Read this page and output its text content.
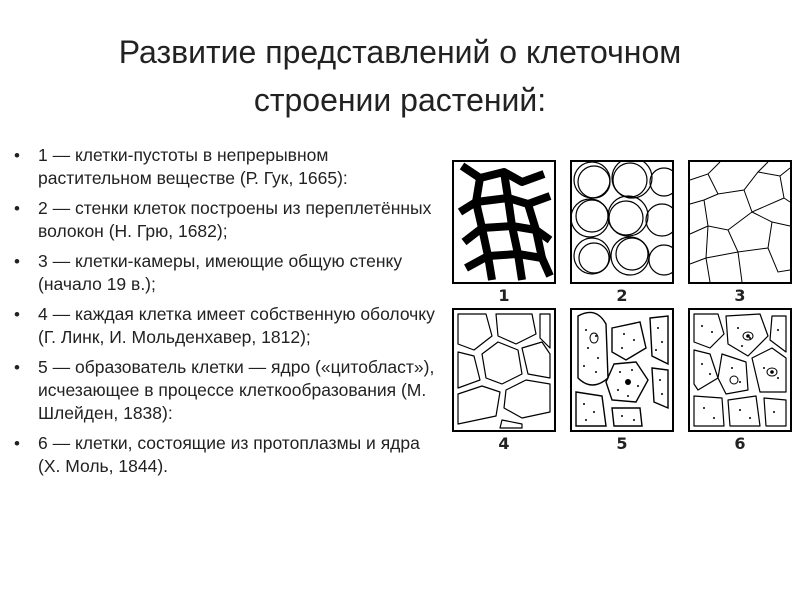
Развитие представлений о клеточном
строении растений:
• 1 — клетки-пустоты в непрерывном растительном веществе (Р. Гук, 1665):
• 2 — стенки клеток построены из переплетённых волокон (Н. Грю, 1682);
• 3 — клетки-камеры, имеющие общую стенку (начало 19 в.);
• 4 — каждая клетка имеет собственную оболочку (Г. Линк, И. Мольденхавер, 1812);
• 5 — образователь клетки — ядро («цитобласт»), исчезающее в процессе клеткообразования (М. Шлейден, 1838):
• 6 — клетки, состоящие из протоплазмы и ядра (Х. Моль, 1844).
1	2	3
4	5	6
